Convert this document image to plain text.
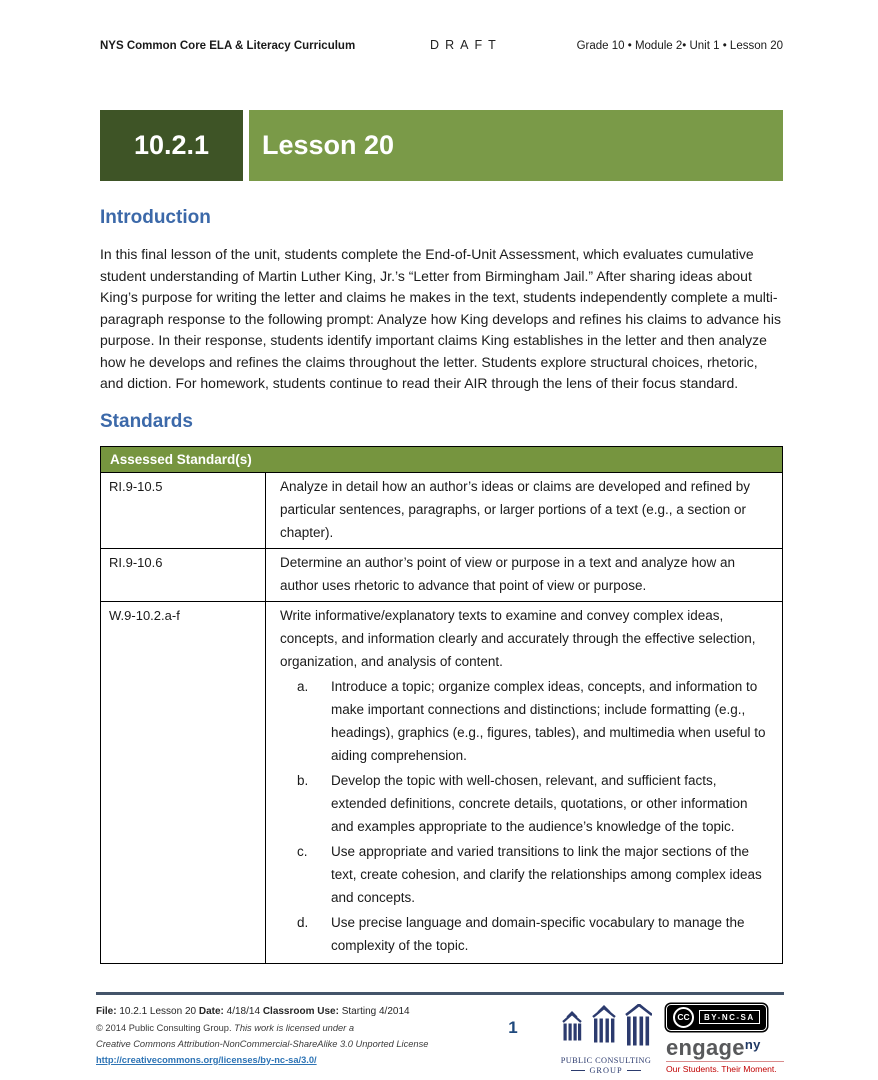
NYS Common Core ELA & Literacy Curriculum	DRAFT	Grade 10 • Module 2• Unit 1 • Lesson 20
10.2.1	Lesson 20
Introduction

In this final lesson of the unit, students complete the End-of-Unit Assessment, which evaluates cumulative student understanding of Martin Luther King, Jr.’s “Letter from Birmingham Jail.” After sharing ideas about King’s purpose for writing the letter and claims he makes in the text, students independently complete a multi-paragraph response to the following prompt: Analyze how King develops and refines his claims to advance his purpose. In their response, students identify important claims King establishes in the letter and then analyze how he develops and refines the claims throughout the letter. Students explore structural choices, rhetoric, and diction. For homework, students continue to read their AIR through the lens of their focus standard.

Standards
Assessed Standard(s)	
RI.9-10.5	Analyze in detail how an author’s ideas or claims are developed and refined by particular sentences, paragraphs, or larger portions of a text (e.g., a section or chapter).
RI.9-10.6	Determine an author’s point of view or purpose in a text and analyze how an author uses rhetoric to advance that point of view or purpose.
W.9-10.2.a-f	Write informative/explanatory texts to examine and convey complex ideas, concepts, and information clearly and accurately through the effective selection, organization, and analysis of content.
a.	Introduce a topic; organize complex ideas, concepts, and information to make important connections and distinctions; include formatting (e.g., headings), graphics (e.g., figures, tables), and multimedia when useful to aiding comprehension.
b.	Develop the topic with well-chosen, relevant, and sufficient facts, extended definitions, concrete details, quotations, or other information and examples appropriate to the audience’s knowledge of the topic.
c.	Use appropriate and varied transitions to link the major sections of the text, create cohesion, and clarify the relationships among complex ideas and concepts.
d.	Use precise language and domain-specific vocabulary to manage the complexity of the topic.
File: 10.2.1 Lesson 20 Date: 4/18/14 Classroom Use: Starting 4/2014
© 2014 Public Consulting Group. This work is licensed under a
Creative Commons Attribution-NonCommercial-ShareAlike 3.0 Unported License
http://creativecommons.org/licenses/by-nc-sa/3.0/
1
PUBLIC CONSULTING
GROUP
CC	BY-NC-SA
engage$^{ny}$
Our Students. Their Moment.
